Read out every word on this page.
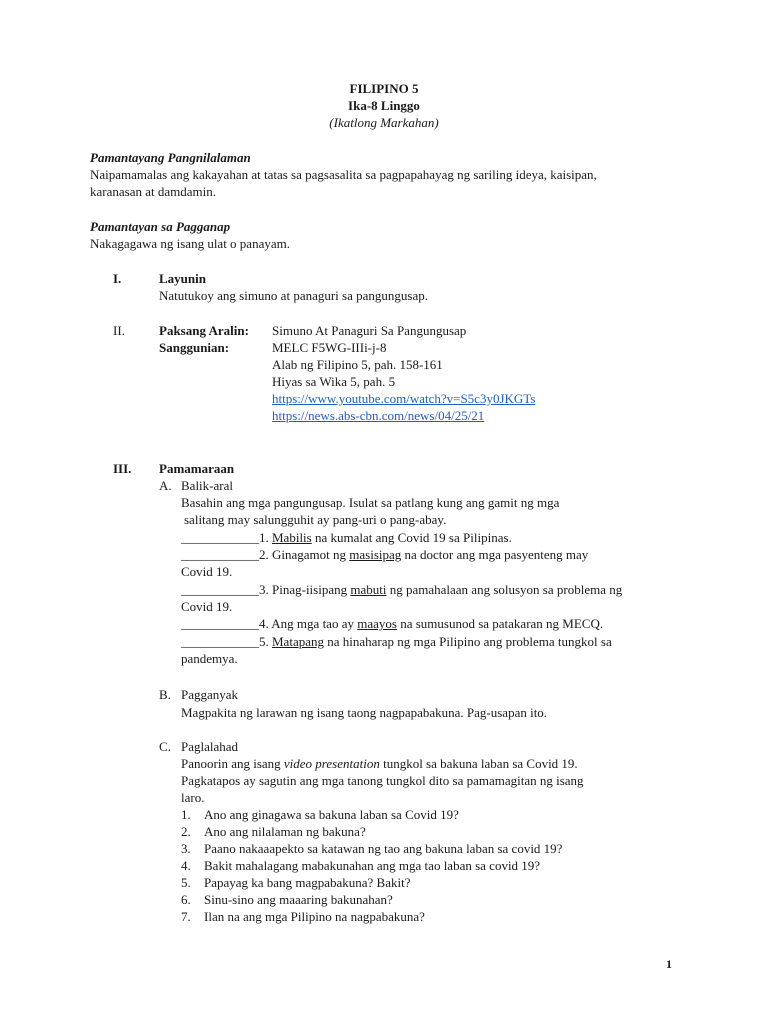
FILIPINO 5
Ika-8 Linggo
(Ikatlong Markahan)
Pamantayang Pangnilalaman
Naipamamalas ang kakayahan at tatas sa pagsasalita sa pagpapahayag ng sariling ideya, kaisipan,
karanasan at damdamin.
Pamantayan sa Pagganap
Nakagagawa ng isang ulat o panayam.
I.	Layunin
Natutukoy ang simuno at panaguri sa pangungusap.
II.	Paksang Aralin: Simuno At Panaguri Sa Pangungusap
Sanggunian:	MELC F5WG-IIIi-j-8
Alab ng Filipino 5, pah. 158-161
Hiyas sa Wika 5, pah. 5
https://www.youtube.com/watch?v=S5c3y0JKGTs
https://news.abs-cbn.com/news/04/25/21
III. Pamamaraan
A. Balik-aral
Basahin ang mga pangungusap. Isulat sa patlang kung ang gamit ng mga
salitang may salungguhit ay pang-uri o pang-abay.
____________1. Mabilis na kumalat ang Covid 19 sa Pilipinas.
____________2. Ginagamot ng masisipag na doctor ang mga pasyenteng may
Covid 19.
____________3. Pinag-iisipang mabuti ng pamahalaan ang solusyon sa problema ng
Covid 19.
____________4. Ang mga tao ay maayos na sumusunod sa patakaran ng MECQ.
____________5. Matapang na hinaharap ng mga Pilipino ang problema tungkol sa
pandemya.
B. Pagganyak
Magpakita ng larawan ng isang taong nagpapabakuna. Pag-usapan ito.
C. Paglalahad
Panoorin ang isang video presentation tungkol sa bakuna laban sa Covid 19.
Pagkatapos ay sagutin ang mga tanong tungkol dito sa pamamagitan ng isang
laro.
1. Ano ang ginagawa sa bakuna laban sa Covid 19?
2. Ano ang nilalaman ng bakuna?
3. Paano nakaaapekto sa katawan ng tao ang bakuna laban sa covid 19?
4. Bakit mahalagang mabakunahan ang mga tao laban sa covid 19?
5. Papayag ka bang magpabakuna? Bakit?
6. Sinu-sino ang maaaring bakunahan?
7. Ilan na ang mga Pilipino na nagpabakuna?
1
